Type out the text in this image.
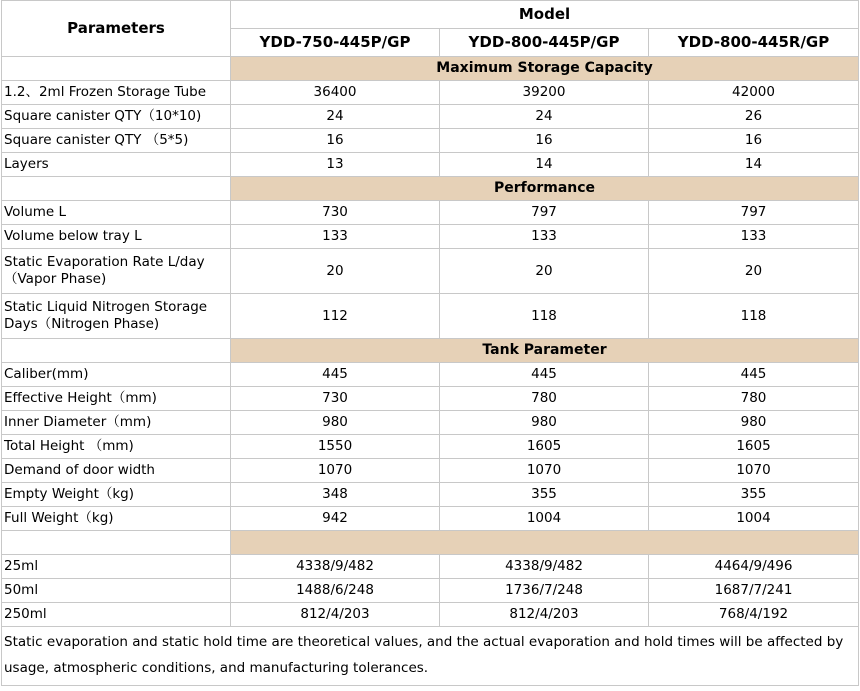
Parameters	Model		
	YDD-750-445P/GP	YDD-800-445P/GP	YDD-800-445R/GP
	Maximum Storage Capacity		
1.2、2ml Frozen Storage Tube	36400	39200	42000
Square canister QTY（10*10)	24	24	26
Square canister QTY （5*5)	16	16	16
Layers	13	14	14
	Performance		
Volume L	730	797	797
Volume below tray L	133	133	133
Static Evaporation Rate L/day（Vapor Phase)	20	20	20
Static Liquid Nitrogen Storage Days（Nitrogen Phase)	112	118	118
	Tank Parameter		
Caliber(mm)	445	445	445
Effective Height（mm)	730	780	780
Inner Diameter（mm)	980	980	980
Total Height （mm)	1550	1605	1605
Demand of door width	1070	1070	1070
Empty Weight（kg)	348	355	355
Full Weight（kg)	942	1004	1004

25ml	4338/9/482	4338/9/482	4464/9/496
50ml	1488/6/248	1736/7/248	1687/7/241
250ml	812/4/203	812/4/203	768/4/192
Static evaporation and static hold time are theoretical values, and the actual evaporation and hold times will be affected by usage, atmospheric conditions, and manufacturing tolerances.			
